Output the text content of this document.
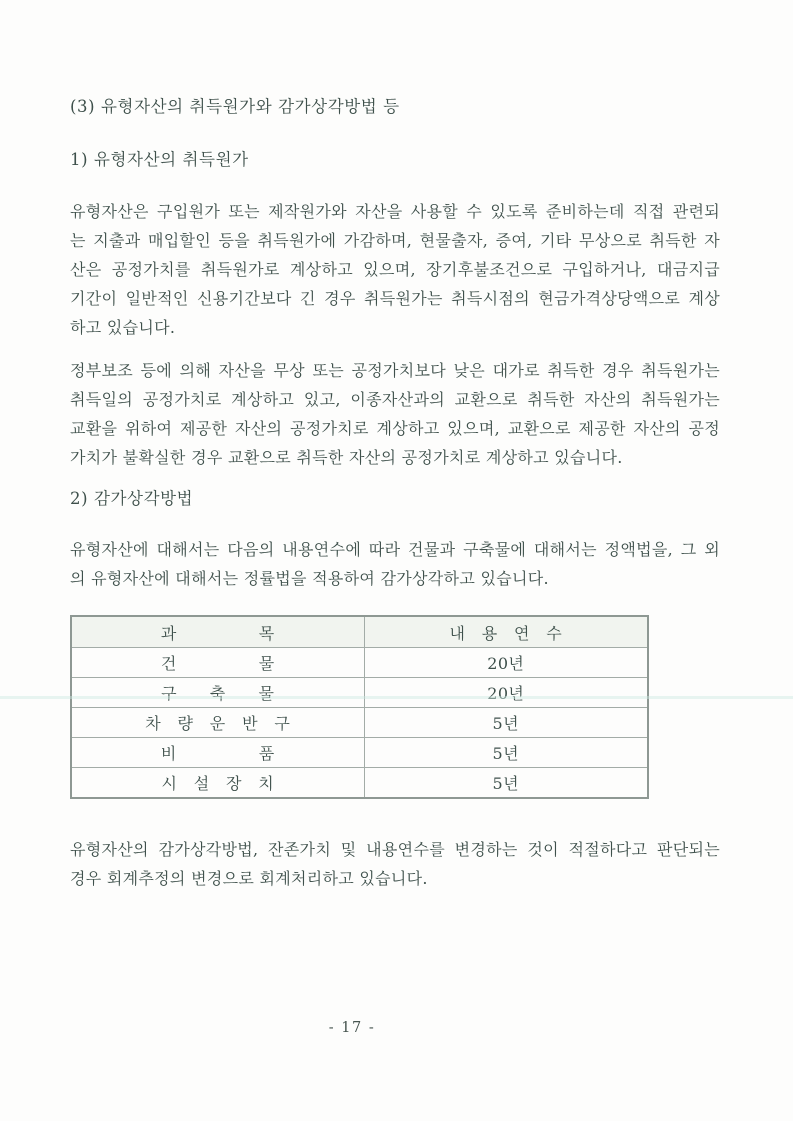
(3) 유형자산의 취득원가와 감가상각방법 등
1) 유형자산의 취득원가
유형자산은 구입원가 또는 제작원가와 자산을 사용할 수 있도록 준비하는데 직접 관련되
는 지출과 매입할인 등을 취득원가에 가감하며, 현물출자, 증여, 기타 무상으로 취득한 자
산은 공정가치를 취득원가로 계상하고 있으며, 장기후불조건으로 구입하거나, 대금지급
기간이 일반적인 신용기간보다 긴 경우 취득원가는 취득시점의 현금가격상당액으로 계상
하고 있습니다.
정부보조 등에 의해 자산을 무상 또는 공정가치보다 낮은 대가로 취득한 경우 취득원가는
취득일의 공정가치로 계상하고 있고, 이종자산과의 교환으로 취득한 자산의 취득원가는
교환을 위하여 제공한 자산의 공정가치로 계상하고 있으며, 교환으로 제공한 자산의 공정
가치가 불확실한 경우 교환으로 취득한 자산의 공정가치로 계상하고 있습니다.
2) 감가상각방법
유형자산에 대해서는 다음의 내용연수에 따라 건물과 구축물에 대해서는 정액법을, 그 외
의 유형자산에 대해서는 정률법을 적용하여 감가상각하고 있습니다.
과　　　　　목	내　용　연　수
건　　　　　물	20년
구　　축　　물	20년
차　량　운　반　구	5년
비　　　　　품	5년
시　설　장　치	5년
유형자산의 감가상각방법, 잔존가치 및 내용연수를 변경하는 것이 적절하다고 판단되는
경우 회계추정의 변경으로 회계처리하고 있습니다.
- 17 -
